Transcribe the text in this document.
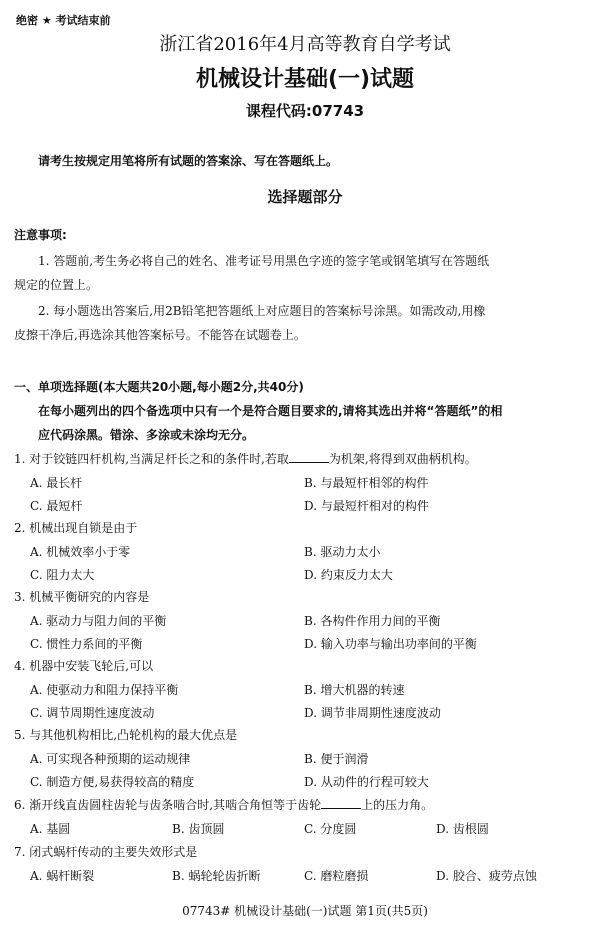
绝密 ★ 考试结束前
浙江省2016年4月高等教育自学考试
机械设计基础(一)试题
课程代码:07743
请考生按规定用笔将所有试题的答案涂、写在答题纸上。
选择题部分
注意事项:
1. 答题前,考生务必将自己的姓名、准考证号用黑色字迹的签字笔或钢笔填写在答题纸
规定的位置上。
2. 每小题选出答案后,用2B铅笔把答题纸上对应题目的答案标号涂黑。如需改动,用橡
皮擦干净后,再选涂其他答案标号。不能答在试题卷上。
一、单项选择题(本大题共20小题,每小题2分,共40分)
在每小题列出的四个备选项中只有一个是符合题目要求的,请将其选出并将“答题纸”的相
应代码涂黑。错涂、多涂或未涂均无分。
1. 对于铰链四杆机构,当满足杆长之和的条件时,若取	为机架,将得到双曲柄机构。
A. 最长杆	B. 与最短杆相邻的构件
C. 最短杆	D. 与最短杆相对的构件
2. 机械出现自锁是由于
A. 机械效率小于零	B. 驱动力太小
C. 阻力太大	D. 约束反力太大
3. 机械平衡研究的内容是
A. 驱动力与阻力间的平衡	B. 各构件作用力间的平衡
C. 惯性力系间的平衡	D. 输入功率与输出功率间的平衡
4. 机器中安装飞轮后,可以
A. 使驱动力和阻力保持平衡	B. 增大机器的转速
C. 调节周期性速度波动	D. 调节非周期性速度波动
5. 与其他机构相比,凸轮机构的最大优点是
A. 可实现各种预期的运动规律	B. 便于润滑
C. 制造方便,易获得较高的精度	D. 从动件的行程可较大
6. 渐开线直齿圆柱齿轮与齿条啮合时,其啮合角恒等于齿轮	上的压力角。
A. 基圆	B. 齿顶圆	C. 分度圆	D. 齿根圆
7. 闭式蜗杆传动的主要失效形式是
A. 蜗杆断裂	B. 蜗轮轮齿折断	C. 磨粒磨损	D. 胶合、疲劳点蚀
07743# 机械设计基础(一)试题 第1页(共5页)
